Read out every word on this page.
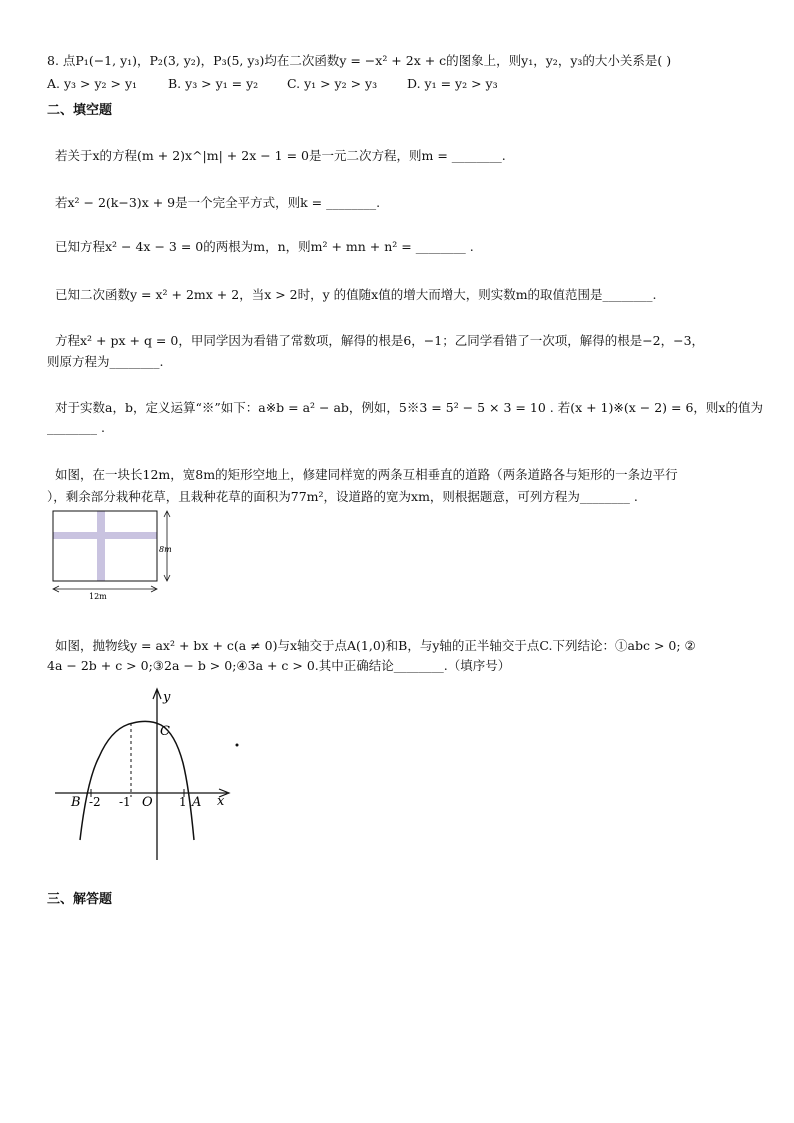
8. 点P₁(−1, y₁)，P₂(3, y₂)，P₃(5, y₃)均在二次函数y = −x² + 2x + c的图象上，则y₁，y₂，y₃的大小关系是( )
A. y₃ > y₂ > y₁ B. y₃ > y₁ = y₂ C. y₁ > y₂ > y₃ D. y₁ = y₂ > y₃
二、填空题
若关于x的方程(m + 2)x^|m| + 2x − 1 = 0是一元二次方程，则m = ________.
若x² − 2(k−3)x + 9是一个完全平方式，则k = ________.
已知方程x² − 4x − 3 = 0的两根为m，n，则m² + mn + n² = ________ .
已知二次函数y = x² + 2mx + 2，当x > 2时，y 的值随x值的增大而增大，则实数m的取值范围是________.
方程x² + px + q = 0，甲同学因为看错了常数项，解得的根是6，−1；乙同学看错了一次项，解得的根是−2，−3，
则原方程为________.
对于实数a，b，定义运算“※”如下：a※b = a² − ab，例如，5※3 = 5² − 5 × 3 = 10 . 若(x + 1)※(x − 2) = 6，则x的值为
________ .
如图，在一块长12m，宽8m的矩形空地上，修建同样宽的两条互相垂直的道路（两条道路各与矩形的一条边平行
），剩余部分栽种花草，且栽种花草的面积为77m²，设道路的宽为xm，则根据题意，可列方程为________ .
8m
12m
如图，抛物线y = ax² + bx + c(a ≠ 0)与x轴交于点A(1,0)和B，与y轴的正半轴交于点C.下列结论：①abc > 0; ②
4a − 2b + c > 0;③2a − b > 0;④3a + c > 0.其中正确结论________.（填序号）
y
x
C
B -2 -1 O 1 A
三、解答题
